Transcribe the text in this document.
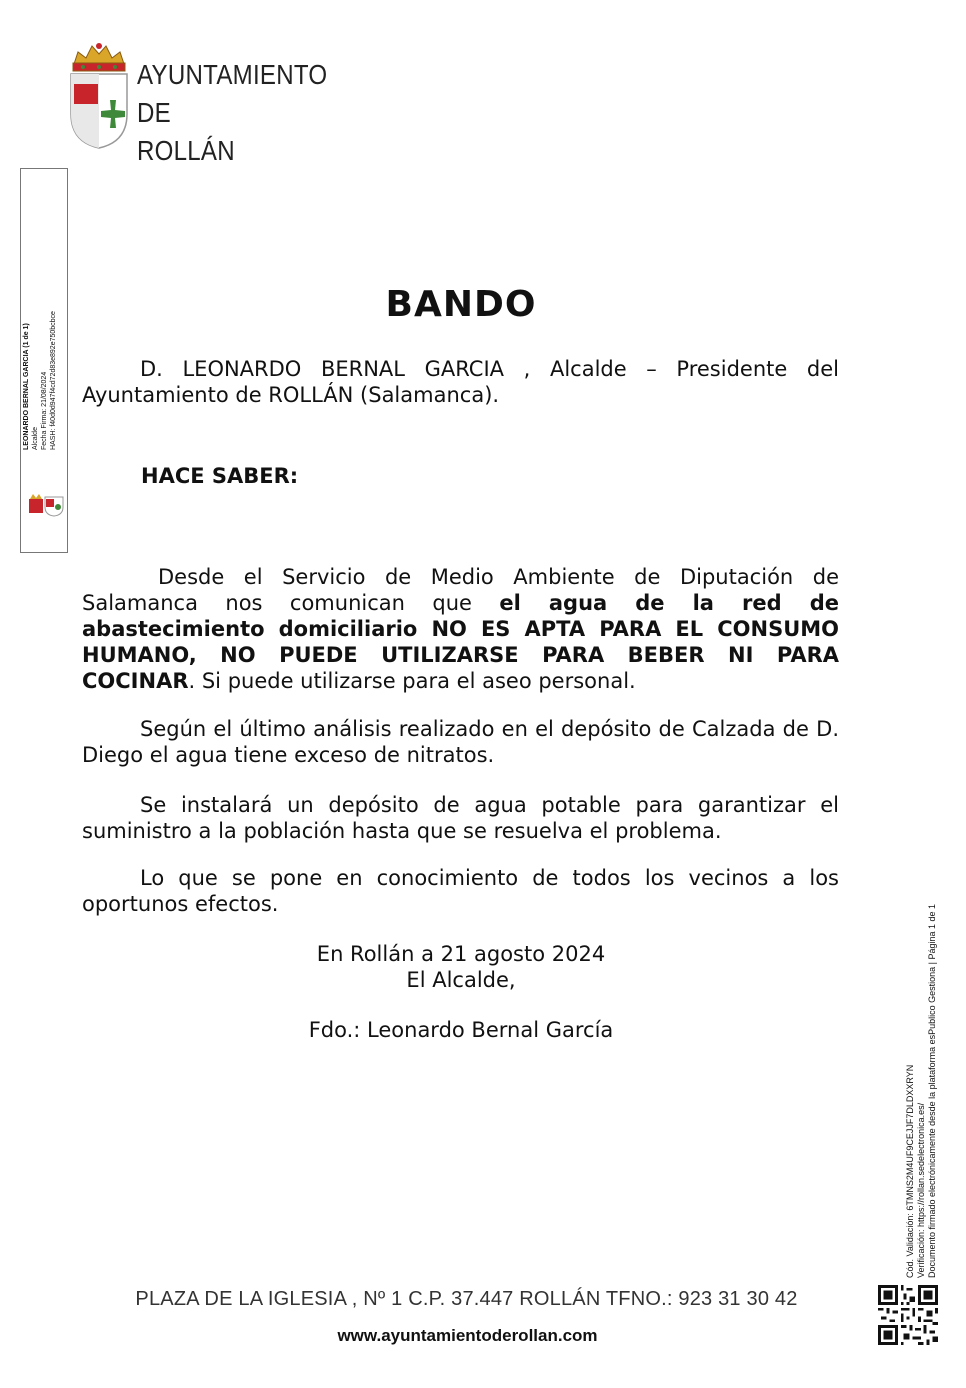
AYUNTAMIENTO DE
ROLLÁN
LEONARDO BERNAL GARCIA (1 de 1) Alcalde Fecha Firma: 21/08/2024 HASH: f40d0d947f4cd72d83e892e750bcbce
BANDO
D. LEONARDO BERNAL GARCIA , Alcalde – Presidente del Ayuntamiento de ROLLÁN (Salamanca).
HACE SABER:
Desde el Servicio de Medio Ambiente de Diputación de Salamanca nos comunican que el agua de la red de abastecimiento domiciliario NO ES APTA PARA EL CONSUMO HUMANO, NO PUEDE UTILIZARSE PARA BEBER NI PARA COCINAR. Si puede utilizarse para el aseo personal.
Según el último análisis realizado en el depósito de Calzada de D. Diego el agua tiene exceso de nitratos.
Se instalará un depósito de agua potable para garantizar el suministro a la población hasta que se resuelva el problema.
Lo que se pone en conocimiento de todos los vecinos a los oportunos efectos.
En Rollán a 21 agosto 2024
El Alcalde,
Fdo.: Leonardo Bernal García
Cód. Validación: 6TMNS2M4UF9CEJJF7DLDXXRYN Verificación: https://rollan.sedelectronica.es/ Documento firmado electrónicamente desde la plataforma esPublico Gestiona | Página 1 de 1
PLAZA DE LA IGLESIA , Nº 1 C.P. 37.447 ROLLÁN TFNO.: 923 31 30 42
www.ayuntamientoderollan.com
